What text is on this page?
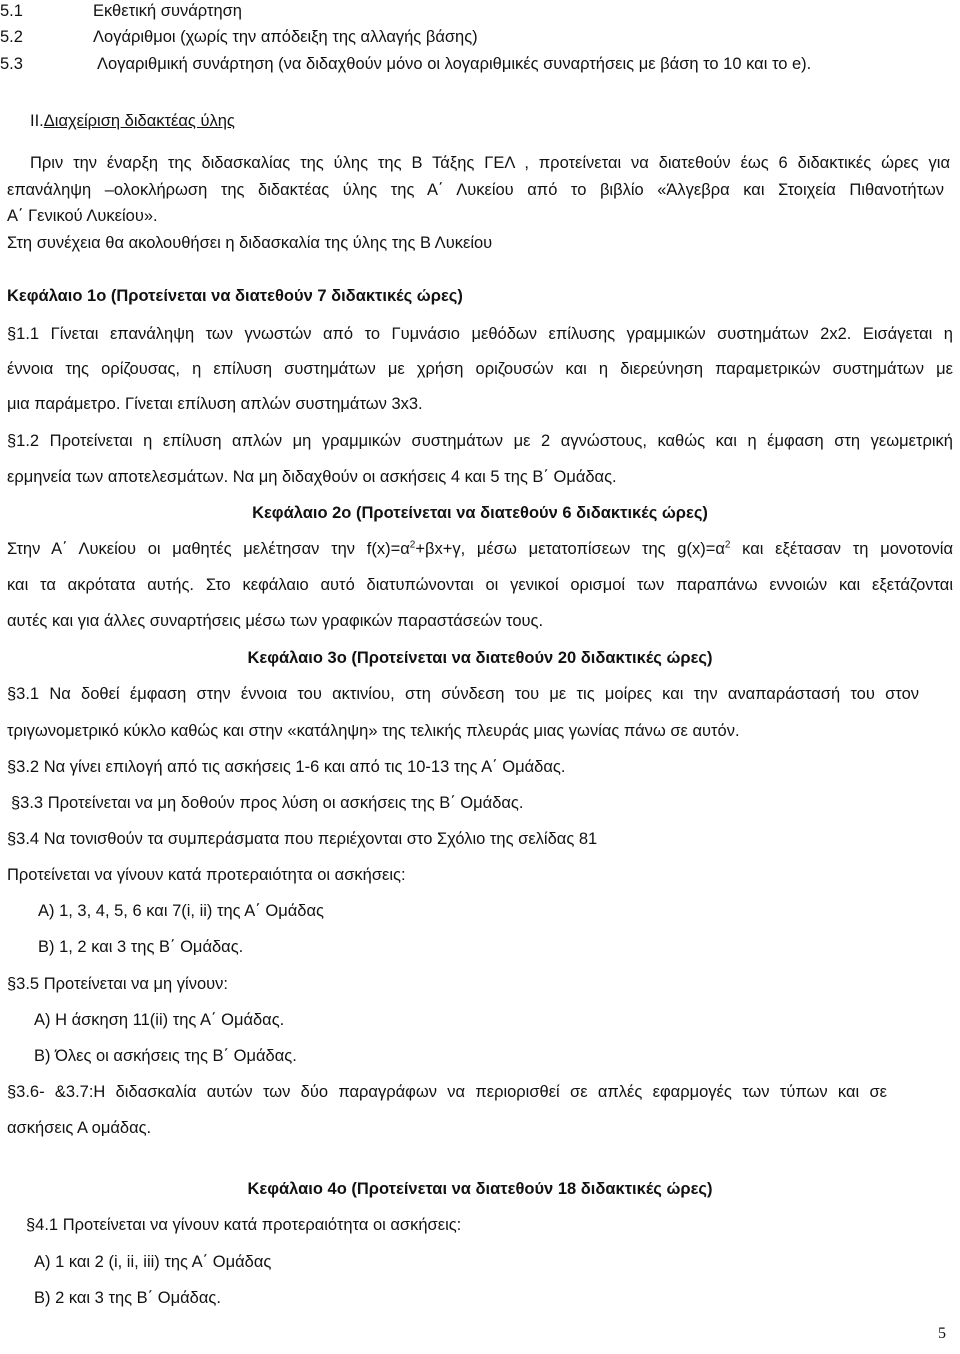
5.1	Εκθετική συνάρτηση
5.2	Λογάριθμοι (χωρίς την απόδειξη της αλλαγής βάσης)
5.3	Λογαριθμική συνάρτηση (να διδαχθούν μόνο οι λογαριθμικές συναρτήσεις με βάση το 10 και το e).
II.Διαχείριση διδακτέας ύλης
Πριν την έναρξη της διδασκαλίας της ύλης της Β Τάξης ΓΕΛ , προτείνεται να διατεθούν έως 6 διδακτικές ώρες για
επανάληψη –ολοκλήρωση της διδακτέας ύλης της Α΄ Λυκείου από το βιβλίο «Άλγεβρα και Στοιχεία Πιθανοτήτων
Α΄ Γενικού Λυκείου».
Στη συνέχεια θα ακολουθήσει η διδασκαλία της ύλης της Β Λυκείου
Κεφάλαιο 1ο (Προτείνεται να διατεθούν 7 διδακτικές ώρες)
§1.1 Γίνεται επανάληψη των γνωστών από το Γυμνάσιο μεθόδων επίλυσης γραμμικών συστημάτων 2x2. Εισάγεται η
έννοια της ορίζουσας, η επίλυση συστημάτων με χρήση οριζουσών και η διερεύνηση παραμετρικών συστημάτων με
μια παράμετρο. Γίνεται επίλυση απλών συστημάτων 3x3.
§1.2 Προτείνεται η επίλυση απλών μη γραμμικών συστημάτων με 2 αγνώστους, καθώς και η έμφαση στη γεωμετρική
ερμηνεία των αποτελεσμάτων. Να μη διδαχθούν οι ασκήσεις 4 και 5 της Β΄ Ομάδας.
Κεφάλαιο 2ο (Προτείνεται να διατεθούν 6 διδακτικές ώρες)
Στην Α΄ Λυκείου οι μαθητές μελέτησαν την $f(x)=\alpha^2+\beta x+\gamma$, μέσω μετατοπίσεων της $g(x)=\alpha^2$ και εξέτασαν τη μονοτονία
και τα ακρότατα αυτής. Στο κεφάλαιο αυτό διατυπώνονται οι γενικοί ορισμοί των παραπάνω εννοιών και εξετάζονται
αυτές και για άλλες συναρτήσεις μέσω των γραφικών παραστάσεών τους.
Κεφάλαιο 3ο (Προτείνεται να διατεθούν 20 διδακτικές ώρες)
§3.1 Να δοθεί έμφαση στην έννοια του ακτινίου, στη σύνδεση του με τις μοίρες και την αναπαράστασή του στον
τριγωνομετρικό κύκλο καθώς και στην «κατάληψη» της τελικής πλευράς μιας γωνίας πάνω σε αυτόν.
§3.2 Να γίνει επιλογή από τις ασκήσεις 1-6 και από τις 10-13 της Α΄ Ομάδας.
§3.3 Προτείνεται να μη δοθούν προς λύση οι ασκήσεις της Β΄ Ομάδας.
§3.4 Να τονισθούν τα συμπεράσματα που περιέχονται στο Σχόλιο της σελίδας 81
Προτείνεται να γίνουν κατά προτεραιότητα οι ασκήσεις:
Α) 1, 3, 4, 5, 6 και 7(i, ii) της Α΄ Ομάδας
Β) 1, 2 και 3 της Β΄ Ομάδας.
§3.5 Προτείνεται να μη γίνουν:
Α) Η άσκηση 11(ii) της Α΄ Ομάδας.
Β) Όλες οι ασκήσεις της Β΄ Ομάδας.
§3.6- &3.7:Η διδασκαλία αυτών των δύο παραγράφων να περιορισθεί σε απλές εφαρμογές των τύπων και σε
ασκήσεις Α ομάδας.
Κεφάλαιο 4ο (Προτείνεται να διατεθούν 18 διδακτικές ώρες)
§4.1 Προτείνεται να γίνουν κατά προτεραιότητα οι ασκήσεις:
Α) 1 και 2 (i, ii, iii) της Α΄ Ομάδας
Β) 2 και 3 της Β΄ Ομάδας.
5
